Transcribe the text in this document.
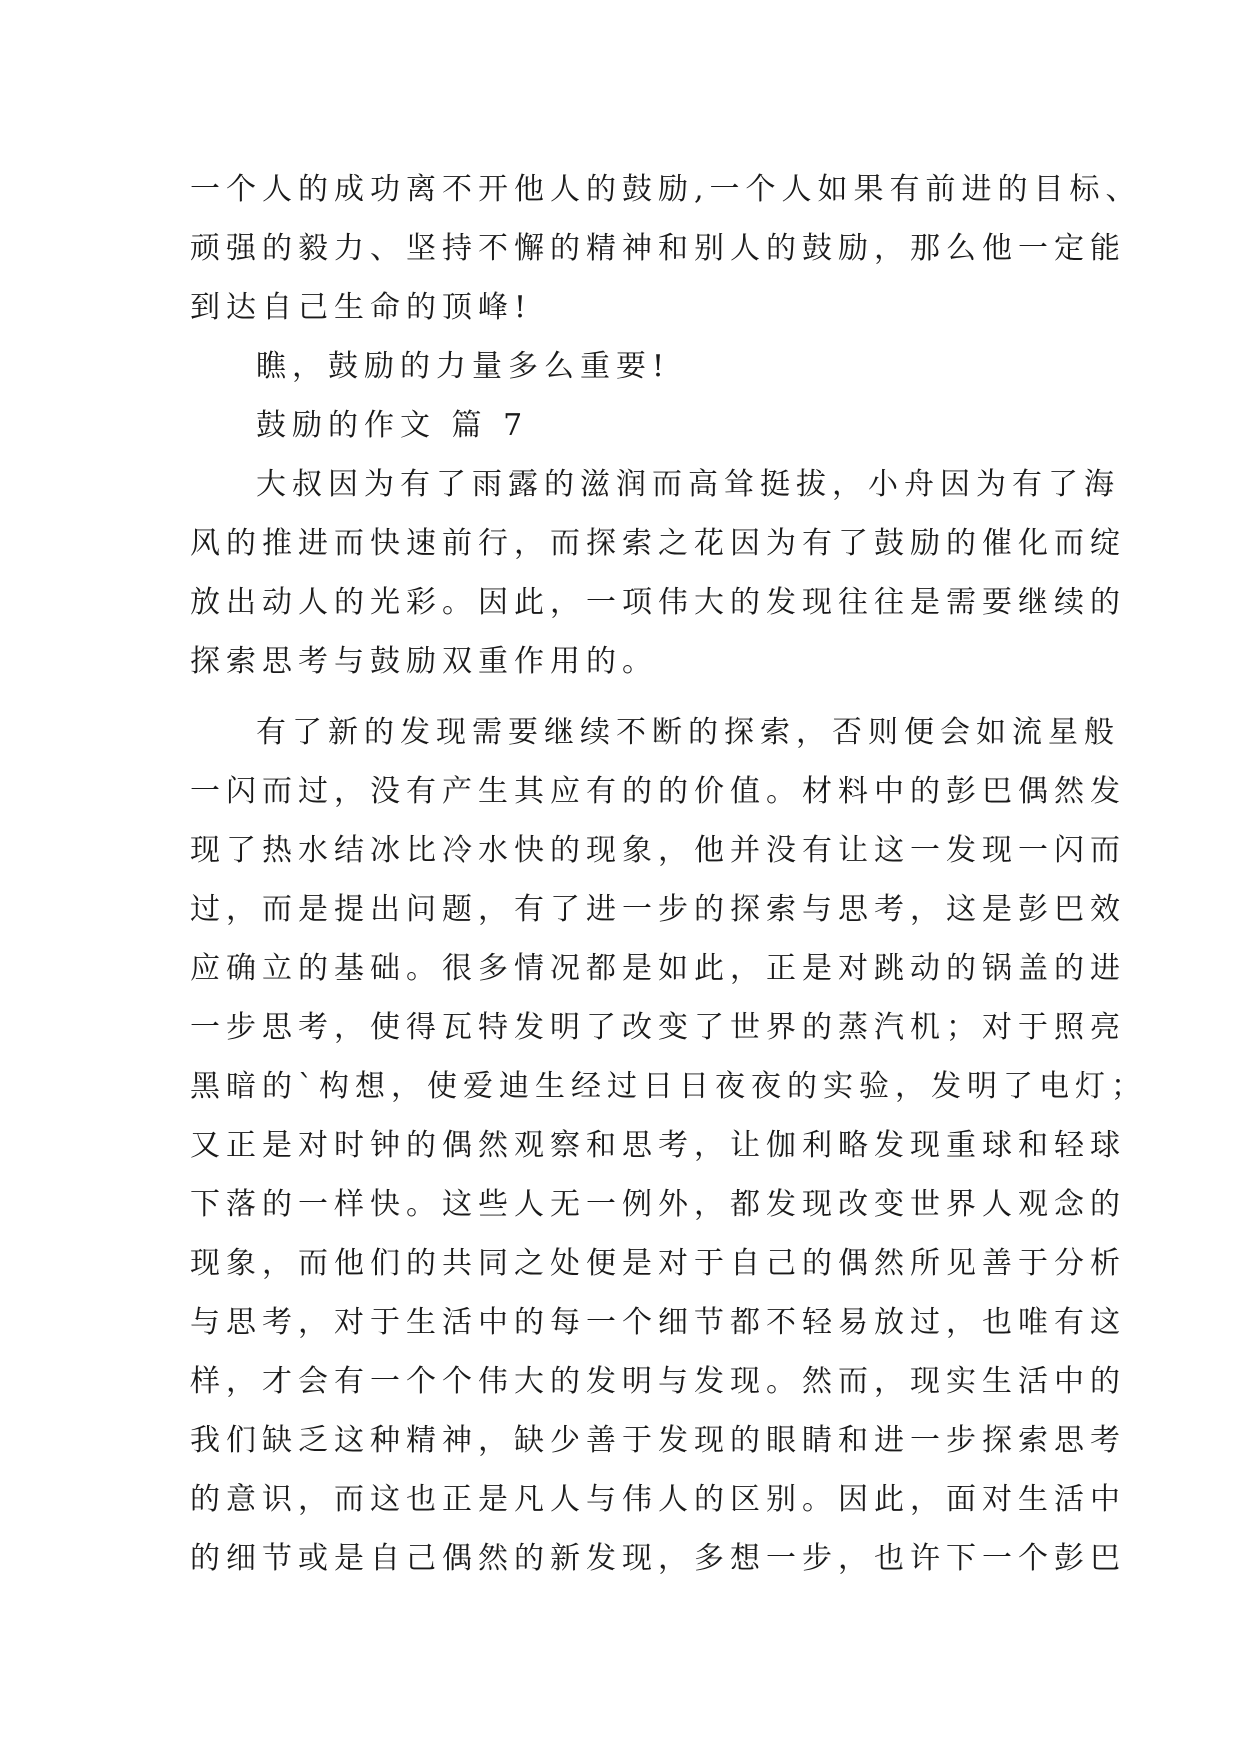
一个人的成功离不开他人的鼓励,一个人如果有前进的目标、
顽强的毅力、坚持不懈的精神和别人的鼓励，那么他一定能
到达自己生命的顶峰!
瞧，鼓励的力量多么重要!
鼓励的作文 篇 7
大叔因为有了雨露的滋润而高耸挺拔，小舟因为有了海
风的推进而快速前行，而探索之花因为有了鼓励的催化而绽
放出动人的光彩。因此，一项伟大的发现往往是需要继续的
探索思考与鼓励双重作用的。
有了新的发现需要继续不断的探索，否则便会如流星般
一闪而过，没有产生其应有的的价值。材料中的彭巴偶然发
现了热水结冰比冷水快的现象，他并没有让这一发现一闪而
过，而是提出问题，有了进一步的探索与思考，这是彭巴效
应确立的基础。很多情况都是如此，正是对跳动的锅盖的进
一步思考，使得瓦特发明了改变了世界的蒸汽机；对于照亮
黑暗的`构想，使爱迪生经过日日夜夜的实验，发明了电灯；
又正是对时钟的偶然观察和思考，让伽利略发现重球和轻球
下落的一样快。这些人无一例外，都发现改变世界人观念的
现象，而他们的共同之处便是对于自己的偶然所见善于分析
与思考，对于生活中的每一个细节都不轻易放过，也唯有这
样，才会有一个个伟大的发明与发现。然而，现实生活中的
我们缺乏这种精神，缺少善于发现的眼睛和进一步探索思考
的意识，而这也正是凡人与伟人的区别。因此，面对生活中
的细节或是自己偶然的新发现，多想一步，也许下一个彭巴
